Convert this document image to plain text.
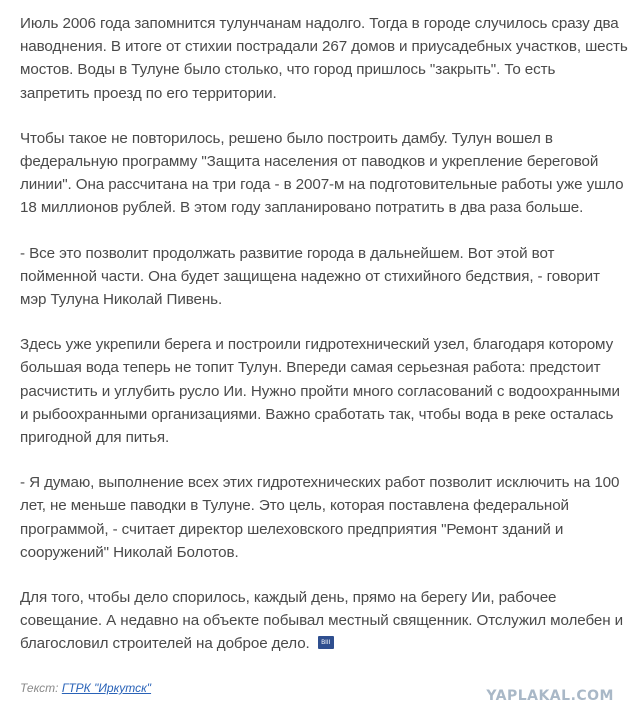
Июль 2006 года запомнится тулунчанам надолго. Тогда в городе случилось сразу два наводнения. В итоге от стихии пострадали 267 домов и приусадебных участков, шесть мостов. Воды в Тулуне было столько, что город пришлось "закрыть". То есть запретить проезд по его территории.

Чтобы такое не повторилось, решено было построить дамбу. Тулун вошел в федеральную программу "Защита населения от паводков и укрепление береговой линии". Она рассчитана на три года - в 2007-м на подготовительные работы уже ушло 18 миллионов рублей. В этом году запланировано потратить в два раза больше.

- Все это позволит продолжать развитие города в дальнейшем. Вот этой вот пойменной части. Она будет защищена надежно от стихийного бедствия, - говорит мэр Тулуна Николай Пивень.

Здесь уже укрепили берега и построили гидротехнический узел, благодаря которому большая вода теперь не топит Тулун. Впереди самая серьезная работа: предстоит расчистить и углубить русло Ии. Нужно пройти много согласований с водоохранными и рыбоохранными организациями. Важно сработать так, чтобы вода в реке осталась пригодной для питья.

- Я думаю, выполнение всех этих гидротехнических работ позволит исключить на 100 лет, не меньше паводки в Тулуне. Это цель, которая поставлена федеральной программой, - считает директор шелеховского предприятия "Ремонт зданий и сооружений" Николай Болотов.

Для того, чтобы дело спорилось, каждый день, прямо на берегу Ии, рабочее совещание. А недавно на объекте побывал местный священник. Отслужил молебен и благословил строителей на доброе дело. BIII

Текст: ГТРК "Иркутск"	YAPLAKAL.COM
